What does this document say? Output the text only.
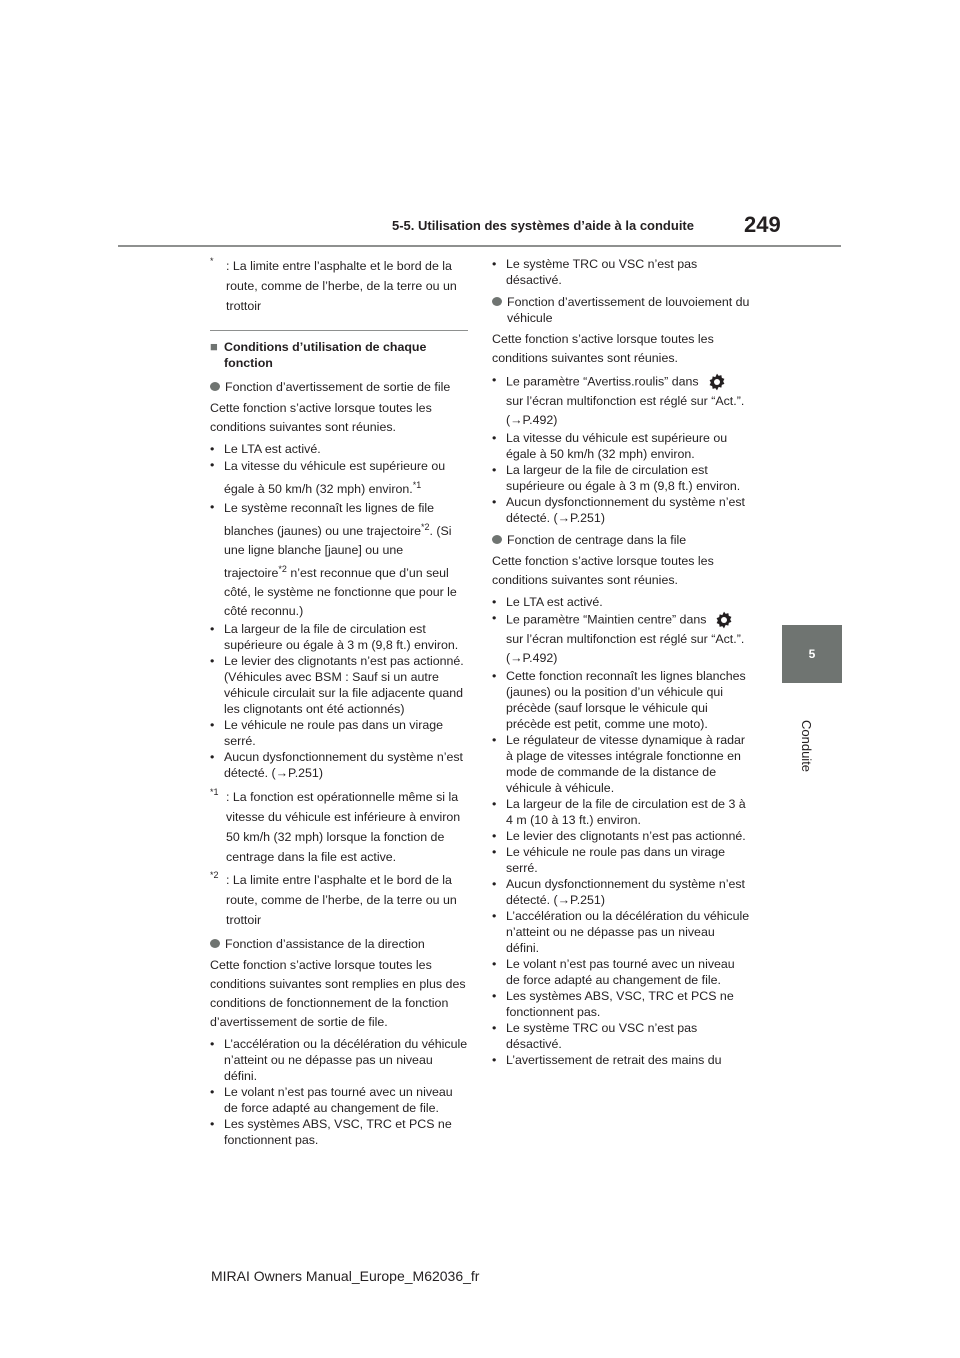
5-5. Utilisation des systèmes d’aide à la conduite 249
5
Conduite
*	: La limite entre l’asphalte et le bord de la route, comme de l’herbe, de la terre ou un trottoir
■ Conditions d’utilisation de chaque fonction
Fonction d’avertissement de sortie de file
Cette fonction s’active lorsque toutes les conditions suivantes sont réunies.
• Le LTA est activé.
• La vitesse du véhicule est supérieure ou égale à 50 km/h (32 mph) environ.$^{*1}$
• Le système reconnaît les lignes de file blanches (jaunes) ou une trajectoire$^{*2}$. (Si une ligne blanche [jaune] ou une trajectoire$^{*2}$ n’est reconnue que d’un seul côté, le système ne fonctionne que pour le côté reconnu.)
• La largeur de la file de circulation est supérieure ou égale à 3 m (9,8 ft.) environ.
• Le levier des clignotants n’est pas actionné. (Véhicules avec BSM : Sauf si un autre véhicule circulait sur la file adjacente quand les clignotants ont été actionnés)
• Le véhicule ne roule pas dans un virage serré.
• Aucun dysfonctionnement du système n’est détecté. (→P.251)
*1 : La fonction est opérationnelle même si la vitesse du véhicule est inférieure à environ 50 km/h (32 mph) lorsque la fonction de centrage dans la file est active.
*2 : La limite entre l’asphalte et le bord de la route, comme de l’herbe, de la terre ou un trottoir
Fonction d’assistance de la direction
Cette fonction s’active lorsque toutes les conditions suivantes sont remplies en plus des conditions de fonctionnement de la fonction d’avertissement de sortie de file.
• L’accélération ou la décélération du véhicule n’atteint ou ne dépasse pas un niveau défini.
• Le volant n’est pas tourné avec un niveau de force adapté au changement de file.
• Les systèmes ABS, VSC, TRC et PCS ne fonctionnent pas.
• Le système TRC ou VSC n’est pas désactivé.
Fonction d’avertissement de louvoiement du véhicule
Cette fonction s’active lorsque toutes les conditions suivantes sont réunies.
• Le paramètre “Avertiss.roulis” dans
sur l’écran multifonction est réglé sur “Act.”. (→P.492)
• La vitesse du véhicule est supérieure ou égale à 50 km/h (32 mph) environ.
• La largeur de la file de circulation est supérieure ou égale à 3 m (9,8 ft.) environ.
• Aucun dysfonctionnement du système n’est détecté. (→P.251)
Fonction de centrage dans la file
Cette fonction s’active lorsque toutes les conditions suivantes sont réunies.
• Le LTA est activé.
• Le paramètre “Maintien centre” dans
sur l’écran multifonction est réglé sur “Act.”. (→P.492)
• Cette fonction reconnaît les lignes blanches (jaunes) ou la position d’un véhicule qui précède (sauf lorsque le véhicule qui précède est petit, comme une moto).
• Le régulateur de vitesse dynamique à radar à plage de vitesses intégrale fonctionne en mode de commande de la distance de véhicule à véhicule.
• La largeur de la file de circulation est de 3 à 4 m (10 à 13 ft.) environ.
• Le levier des clignotants n’est pas actionné.
• Le véhicule ne roule pas dans un virage serré.
• Aucun dysfonctionnement du système n’est détecté. (→P.251)
• L’accélération ou la décélération du véhicule n’atteint ou ne dépasse pas un niveau défini.
• Le volant n’est pas tourné avec un niveau de force adapté au changement de file.
• Les systèmes ABS, VSC, TRC et PCS ne fonctionnent pas.
• Le système TRC ou VSC n’est pas désactivé.
• L’avertissement de retrait des mains du
MIRAI Owners Manual_Europe_M62036_fr
